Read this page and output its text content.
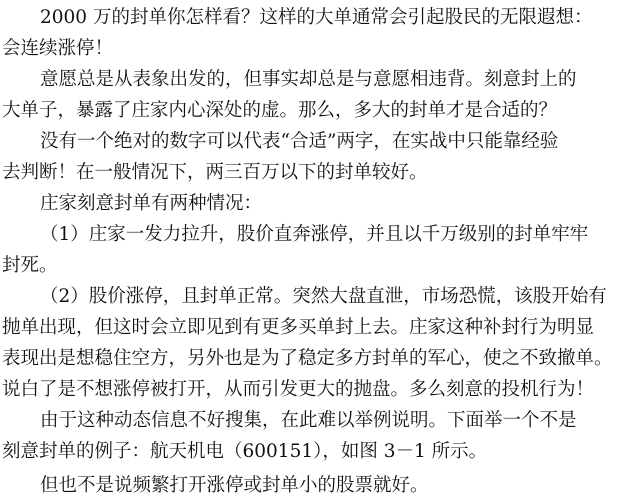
2000 万的封单你怎样看？这样的大单通常会引起股民的无限遐想：
会连续涨停！
意愿总是从表象出发的，但事实却总是与意愿相违背。刻意封上的
大单子，暴露了庄家内心深处的虚。那么，多大的封单才是合适的？
没有一个绝对的数字可以代表“合适”两字，在实战中只能靠经验
去判断！在一般情况下，两三百万以下的封单较好。
庄家刻意封单有两种情况：
（1）庄家一发力拉升，股价直奔涨停，并且以千万级别的封单牢牢
封死。
（2）股价涨停，且封单正常。突然大盘直泄，市场恐慌，该股开始有
抛单出现，但这时会立即见到有更多买单封上去。庄家这种补封行为明显
表现出是想稳住空方，另外也是为了稳定多方封单的军心，使之不致撤单。
说白了是不想涨停被打开，从而引发更大的抛盘。多么刻意的投机行为！
由于这种动态信息不好搜集，在此难以举例说明。下面举一个不是
刻意封单的例子：航天机电（600151），如图 3－1 所示。
但也不是说频繁打开涨停或封单小的股票就好。
